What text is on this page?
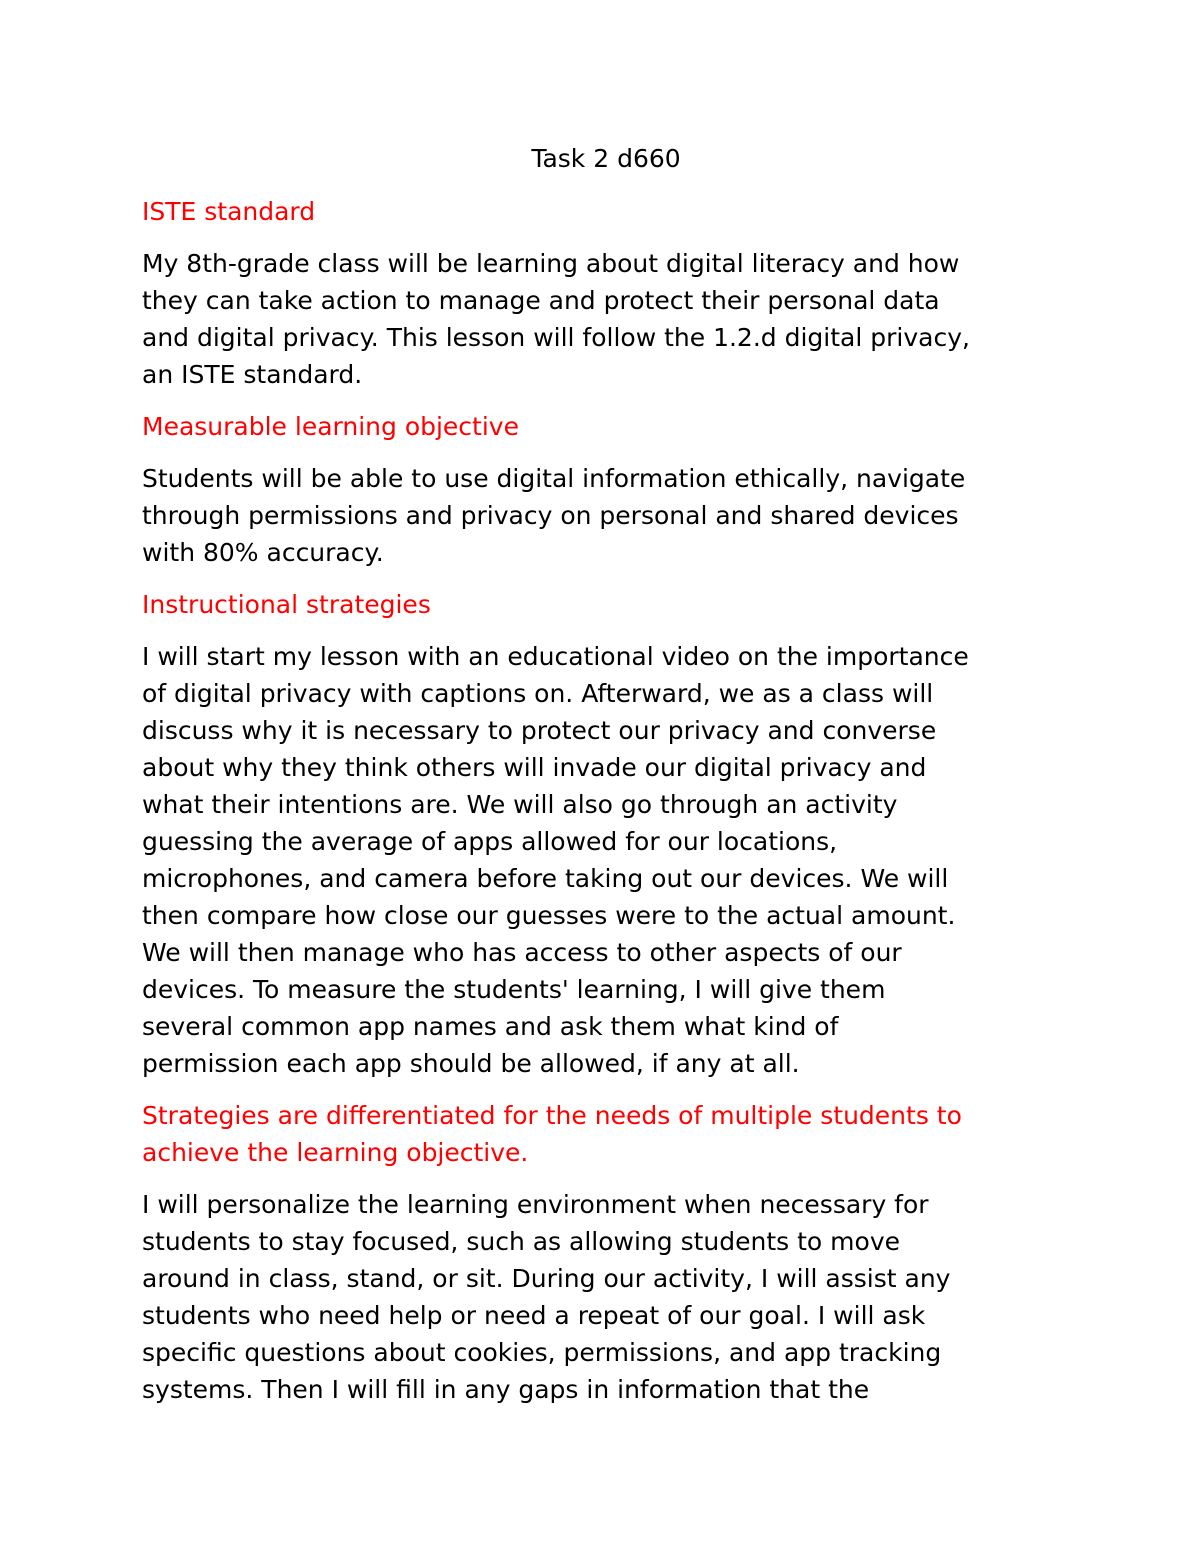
Task 2 d660
ISTE standard

My 8th-grade class will be learning about digital literacy and how
they can take action to manage and protect their personal data
and digital privacy. This lesson will follow the 1.2.d digital privacy,
an ISTE standard.

Measurable learning objective

Students will be able to use digital information ethically, navigate
through permissions and privacy on personal and shared devices
with 80% accuracy.

Instructional strategies

I will start my lesson with an educational video on the importance
of digital privacy with captions on. Afterward, we as a class will
discuss why it is necessary to protect our privacy and converse
about why they think others will invade our digital privacy and
what their intentions are. We will also go through an activity
guessing the average of apps allowed for our locations,
microphones, and camera before taking out our devices. We will
then compare how close our guesses were to the actual amount.
We will then manage who has access to other aspects of our
devices. To measure the students' learning, I will give them
several common app names and ask them what kind of
permission each app should be allowed, if any at all.

Strategies are differentiated for the needs of multiple students to
achieve the learning objective.

I will personalize the learning environment when necessary for
students to stay focused, such as allowing students to move
around in class, stand, or sit. During our activity, I will assist any
students who need help or need a repeat of our goal. I will ask
specific questions about cookies, permissions, and app tracking
systems. Then I will fill in any gaps in information that the
